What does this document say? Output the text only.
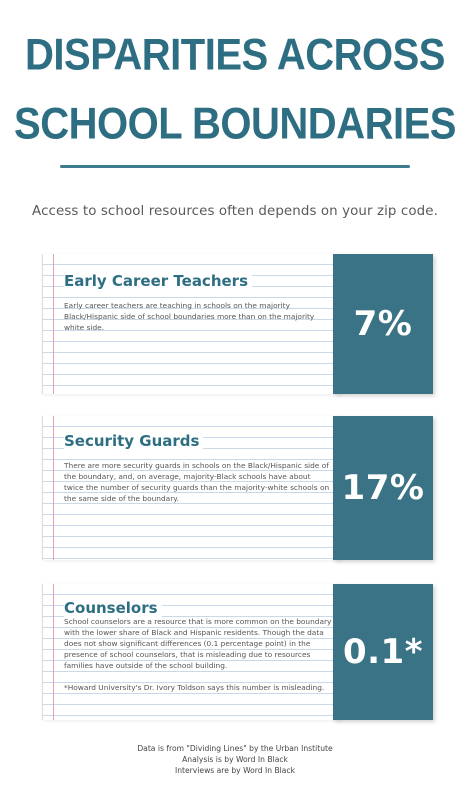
DISPARITIES ACROSS
SCHOOL BOUNDARIES
Access to school resources often depends on your zip code.
Early Career Teachers
Early career teachers are teaching in schools on the majority Black/Hispanic side of school boundaries more than on the majority white side.	7%
Security Guards
There are more security guards in schools on the Black/Hispanic side of the boundary, and, on average, majority-Black schools have about twice the number of security guards than the majority-white schools on the same side of the boundary.	17%
Counselors
School counselors are a resource that is more common on the boundary with the lower share of Black and Hispanic residents. Though the data does not show significant differences (0.1 percentage point) in the presence of school counselors, that is misleading due to resources families have outside of the school building.
*Howard University's Dr. Ivory Toldson says this number is misleading.
0.1*
Data is from "Dividing Lines" by the Urban Institute
Analysis is by Word In Black
Interviews are by Word In Black
